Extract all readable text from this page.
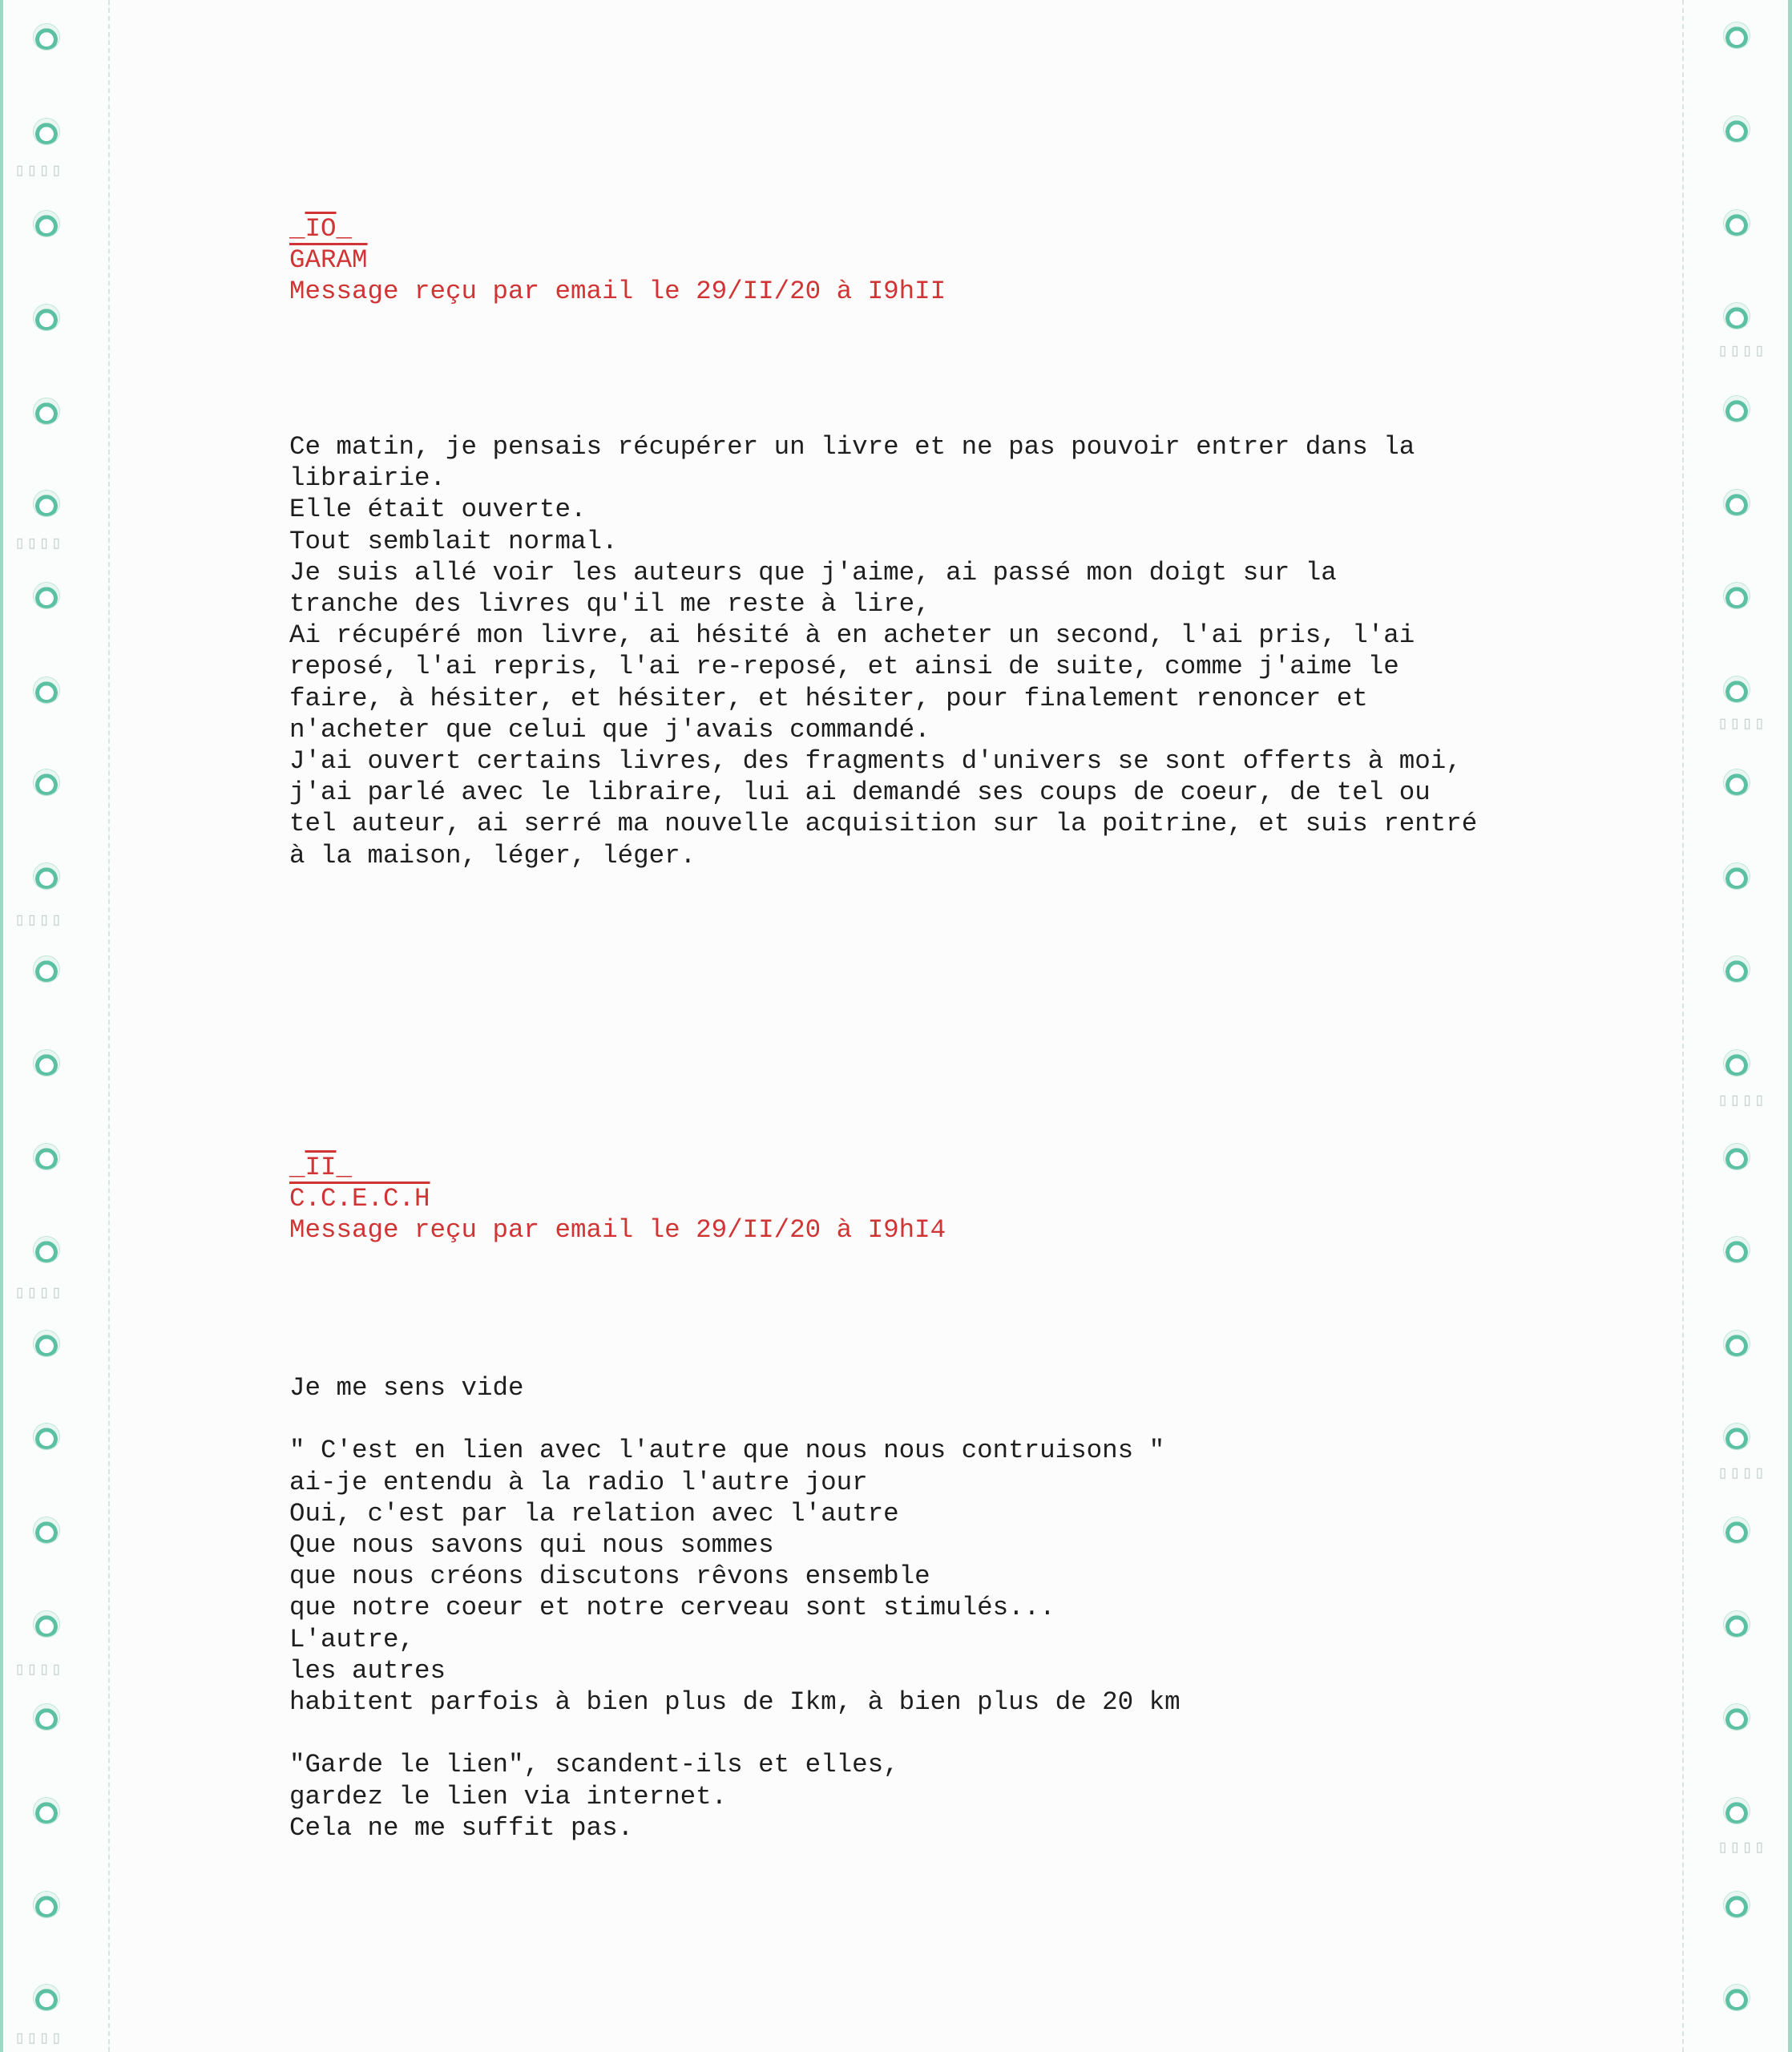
▯▯▯▯
▯▯▯▯
▯▯▯▯
▯▯▯▯
▯▯▯▯
▯▯▯▯
▯▯▯▯
▯▯▯▯
▯▯▯▯
▯▯▯▯
▯▯▯▯
$\_\overline{IO}\_$
GARAM
Message reçu par email le 29/II/20 à I9hII
Ce matin, je pensais récupérer un livre et ne pas pouvoir entrer dans la
librairie.
Elle était ouverte.
Tout semblait normal.
Je suis allé voir les auteurs que j'aime, ai passé mon doigt sur la
tranche des livres qu'il me reste à lire,
Ai récupéré mon livre, ai hésité à en acheter un second, l'ai pris, l'ai
reposé, l'ai repris, l'ai re-reposé, et ainsi de suite, comme j'aime le
faire, à hésiter, et hésiter, et hésiter, pour finalement renoncer et
n'acheter que celui que j'avais commandé.
J'ai ouvert certains livres, des fragments d'univers se sont offerts à moi,
j'ai parlé avec le libraire, lui ai demandé ses coups de coeur, de tel ou
tel auteur, ai serré ma nouvelle acquisition sur la poitrine, et suis rentré
à la maison, léger, léger.
$\_\overline{II}\_$
C.C.E.C.H
Message reçu par email le 29/II/20 à I9hI4
Je me sens vide
" C'est en lien avec l'autre que nous nous contruisons "
ai-je entendu à la radio l'autre jour
Oui, c'est par la relation avec l'autre
Que nous savons qui nous sommes
que nous créons discutons rêvons ensemble
que notre coeur et notre cerveau sont stimulés...
L'autre,
les autres
habitent parfois à bien plus de Ikm, à bien plus de 20 km
"Garde le lien", scandent-ils et elles,
gardez le lien via internet.
Cela ne me suffit pas.
